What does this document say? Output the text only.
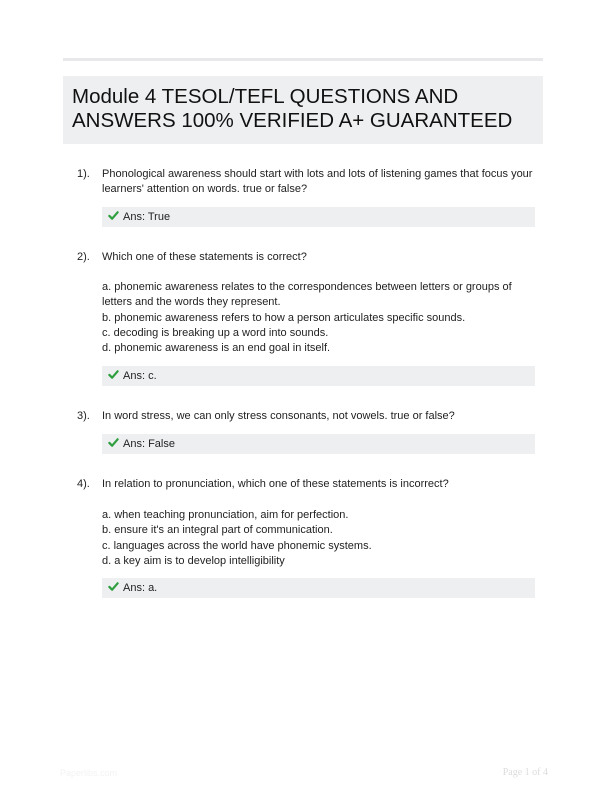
Module 4 TESOL/TEFL QUESTIONS AND
ANSWERS 100% VERIFIED A+ GUARANTEED
1). Phonological awareness should start with lots and lots of listening games that focus your learners' attention on words. true or false?
Ans: True
2). Which one of these statements is correct?
a. phonemic awareness relates to the correspondences between letters or groups of letters and the words they represent.
b. phonemic awareness refers to how a person articulates specific sounds.
c. decoding is breaking up a word into sounds.
d. phonemic awareness is an end goal in itself.
Ans: c.
3). In word stress, we can only stress consonants, not vowels. true or false?
Ans: False
4). In relation to pronunciation, which one of these statements is incorrect?
a. when teaching pronunciation, aim for perfection.
b. ensure it's an integral part of communication.
c. languages across the world have phonemic systems.
d. a key aim is to develop intelligibility
Ans: a.
Paperlibs.com	Page 1 of 4
